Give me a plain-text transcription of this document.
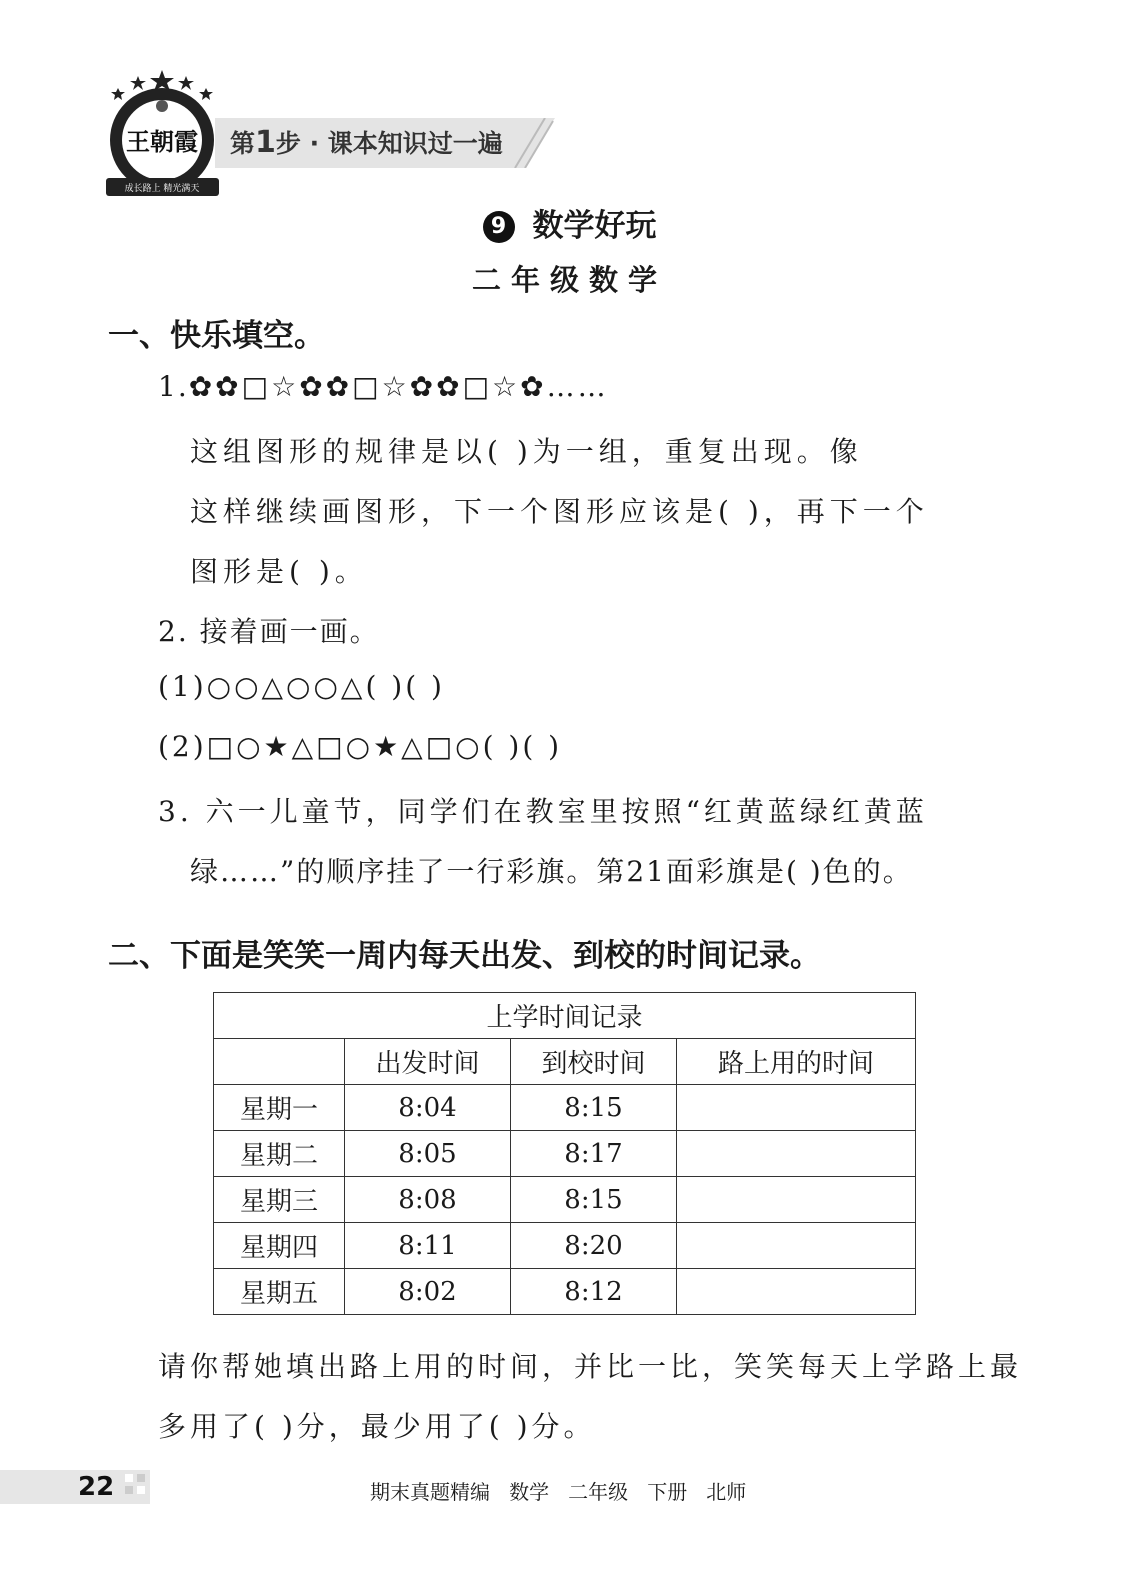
王朝霞
成长路上 精光满天
第1步 · 课本知识过一遍
9 数学好玩
二年级数学
一、快乐填空。
1.✿✿□☆✿✿□☆✿✿□☆✿……
这组图形的规律是以( )为一组，重复出现。像
这样继续画图形，下一个图形应该是( )，再下一个
图形是( )。
2. 接着画一画。
(1)○○△○○△( )( )
(2)□○★△□○★△□○( )( )
3. 六一儿童节，同学们在教室里按照“红黄蓝绿红黄蓝
绿……”的顺序挂了一行彩旗。第21面彩旗是( )色的。
二、下面是笑笑一周内每天出发、到校的时间记录。
上学时间记录			
	出发时间	到校时间	路上用的时间
星期一	8:04	8:15	
星期二	8:05	8:17	
星期三	8:08	8:15	
星期四	8:11	8:20	
星期五	8:02	8:12	
请你帮她填出路上用的时间，并比一比，笑笑每天上学路上最
多用了( )分，最少用了( )分。
22	期末真题精编   数学   二年级   下册   北师
